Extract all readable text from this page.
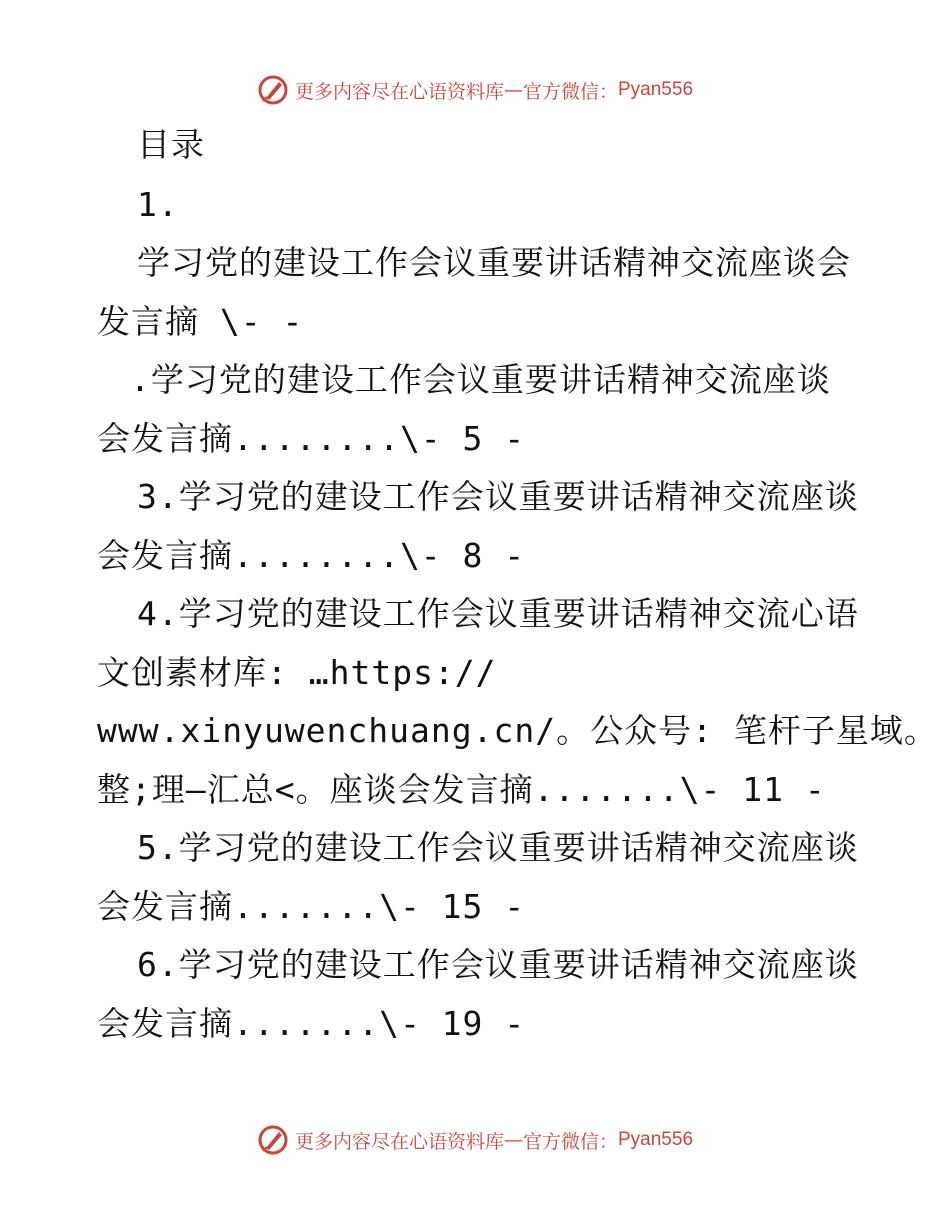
更多内容尽在心语资料库 — 官方微信： Pyan556
目录
1.
学习党的建设工作会议重要讲话精神交流座谈会
发言摘 \- -
.学习党的建设工作会议重要讲话精神交流座谈
会发言摘........\- 5 -
3.学习党的建设工作会议重要讲话精神交流座谈
会发言摘........\- 8 -
4.学习党的建设工作会议重要讲话精神交流心语
文创素材库: …https://
www.xinyuwenchuang.cn/。公众号: 笔杆子星域。
整;理—汇总<。座谈会发言摘.......\- 11 -
5.学习党的建设工作会议重要讲话精神交流座谈
会发言摘.......\- 15 -
6.学习党的建设工作会议重要讲话精神交流座谈
会发言摘.......\- 19 -
更多内容尽在心语资料库 — 官方微信： Pyan556
